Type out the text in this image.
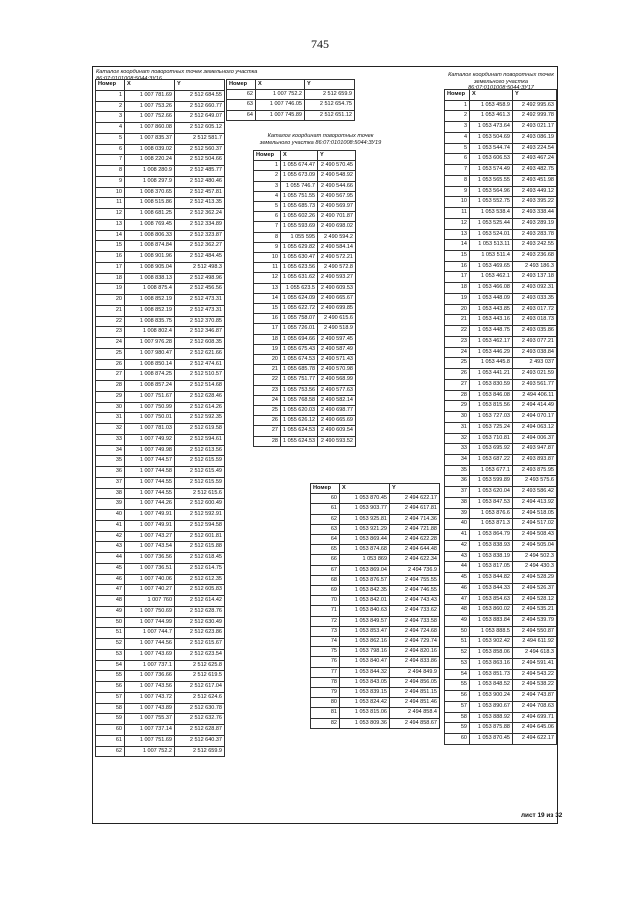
745
Каталог координат поворотных точек земельного участка 86:07:0101008:5044:ЗУ16
Каталог координат поворотных точек земельного участка 86:07:0101008:5044:ЗУ19
Каталог координат поворотных точек земельного участка 86:07:0101008:5044:ЗУ17
Номер	X	Y
1	1 007 781.69	2 512 684.55
2	1 007 753.26	2 512 660.77
3	1 007 752.66	2 512 649.07
4	1 007 860.08	2 512 605.12
5	1 007 835.37	2 512 581.7
6	1 008 039.02	2 512 560.37
7	1 008 220.24	2 512 504.66
8	1 008 280.9	2 512 485.77
9	1 008 297.9	2 512 480.46
10	1 008 370.65	2 512 457.81
11	1 008 515.86	2 512 413.35
12	1 008 681.25	2 512 362.24
13	1 008 769.45	2 512 334.89
14	1 008 806.33	2 512 323.87
15	1 008 874.84	2 512 362.27
16	1 008 901.96	2 512 484.45
17	1 008 905.04	2 512 498.3
18	1 008 838.13	2 512 498.96
19	1 008 875.4	2 512 456.56
20	1 008 852.19	2 512 473.31
21	1 008 852.19	2 512 473.31
22	1 008 835.75	2 512 370.85
23	1 008 802.4	2 512 346.87
24	1 007 976.28	2 512 608.35
25	1 007 980.47	2 512 621.66
26	1 008 850.14	2 512 474.61
27	1 008 874.25	2 512 510.57
28	1 008 857.24	2 512 514.68
29	1 007 751.67	2 512 628.46
30	1 007 750.99	2 512 614.26
31	1 007 750.01	2 512 592.35
32	1 007 781.03	2 512 619.58
33	1 007 749.92	2 512 594.61
34	1 007 749.98	2 512 613.56
35	1 007 744.57	2 512 615.59
36	1 007 744.58	2 512 615.49
37	1 007 744.55	2 512 615.59
38	1 007 744.55	2 512 615.6
39	1 007 744.26	2 512 600.49
40	1 007 749.91	2 512 592.91
41	1 007 749.91	2 512 594.58
42	1 007 743.27	2 512 601.81
43	1 007 743.54	2 512 615.88
44	1 007 736.56	2 512 618.45
45	1 007 736.51	2 512 614.75
46	1 007 740.06	2 512 612.35
47	1 007 740.27	2 512 605.83
48	1 007 760	2 512 614.42
49	1 007 750.69	2 512 628.76
50	1 007 744.99	2 512 630.49
51	1 007 744.7	2 512 623.86
52	1 007 744.56	2 512 615.67
53	1 007 743.69	2 512 623.54
54	1 007 737.1	2 512 625.8
55	1 007 736.66	2 512 619.5
56	1 007 743.56	2 512 617.04
57	1 007 743.72	2 512 624.6
58	1 007 743.89	2 512 630.78
59	1 007 755.37	2 512 632.76
60	1 007 737.14	2 512 628.87
61	1 007 751.69	2 512 640.37
62	1 007 752.2	2 512 659.9
Номер	X	Y
62	1 007 752.2	2 512 659.9
63	1 007 746.05	2 512 654.75
64	1 007 745.89	2 512 651.12
Номер	X	Y
1	1 055 674.47	2 490 570.45
2	1 055 673.09	2 490 548.92
3	1 055 746.7	2 490 544.66
4	1 055 751.55	2 490 567.95
5	1 055 685.73	2 490 569.97
6	1 055 602.26	2 490 701.87
7	1 055 593.69	2 490 698.02
8	1 055 595	2 490 594.2
9	1 055 629.82	2 490 584.14
10	1 055 630.47	2 490 572.21
11	1 055 623.56	2 490 572.8
12	1 055 631.62	2 490 593.27
13	1 055 623.5	2 490 609.53
14	1 055 624.09	2 490 665.67
15	1 055 622.72	2 490 699.85
16	1 055 758.07	2 490 615.6
17	1 055 726.01	2 490 518.9
18	1 055 694.66	2 490 597.45
19	1 055 675.43	2 490 587.49
20	1 055 674.53	2 490 571.43
21	1 055 685.78	2 490 570.98
22	1 055 751.77	2 490 568.99
23	1 055 753.56	2 490 577.63
24	1 055 768.58	2 490 582.14
25	1 055 620.03	2 490 698.77
26	1 055 626.12	2 490 665.69
27	1 055 624.53	2 490 609.54
28	1 055 624.53	2 490 593.52
Номер	X	Y
60	1 053 870.45	2 494 622.17
61	1 053 903.77	2 494 617.81
62	1 053 925.81	2 494 714.36
63	1 053 921.29	2 494 721.88
64	1 053 869.44	2 494 622.28
65	1 053 874.68	2 494 644.48
66	1 053 869	2 494 622.34
67	1 053 869.04	2 494 736.9
68	1 053 876.57	2 494 755.55
69	1 053 842.35	2 494 746.55
70	1 053 842.01	2 494 743.43
71	1 053 840.63	2 494 733.62
72	1 053 849.57	2 494 733.58
73	1 053 853.47	2 494 724.68
74	1 053 862.16	2 494 729.74
75	1 053 798.16	2 494 820.16
76	1 053 840.47	2 494 833.86
77	1 053 844.32	2 494 849.9
78	1 053 843.05	2 494 856.05
79	1 053 839.15	2 494 851.15
80	1 053 824.42	2 494 851.46
81	1 053 815.06	2 494 858.4
82	1 053 809.36	2 494 858.67
Номер	X	Y
1	1 053 458.9	2 492 995.63
2	1 053 461.3	2 492 999.78
3	1 053 473.64	2 493 021.17
4	1 053 504.69	2 493 086.19
5	1 053 544.74	2 493 224.54
6	1 053 606.53	2 493 467.24
7	1 053 574.49	2 493 482.75
8	1 053 565.55	2 493 451.98
9	1 053 564.96	2 493 449.12
10	1 053 552.75	2 493 395.22
11	1 053 538.4	2 493 338.44
12	1 053 525.44	2 493 289.19
13	1 053 524.01	2 493 283.78
14	1 053 513.11	2 493 242.55
15	1 053 511.4	2 493 236.68
16	1 053 469.65	2 493 186.3
17	1 053 462.1	2 493 137.18
18	1 053 466.08	2 493 092.31
19	1 053 448.09	2 493 033.35
20	1 053 443.85	2 493 017.72
21	1 053 443.16	2 493 018.73
22	1 053 448.75	2 493 035.86
23	1 053 462.17	2 493 077.21
24	1 053 446.29	2 493 038.84
25	1 053 445.8	2 493 037
26	1 053 441.21	2 493 021.59
27	1 053 830.59	2 493 561.77
28	1 053 846.08	2 494 406.11
29	1 053 815.56	2 494 414.49
30	1 053 727.03	2 494 070.17
31	1 053 725.24	2 494 063.12
32	1 053 710.81	2 494 006.37
33	1 053 695.92	2 493 947.87
34	1 053 687.22	2 493 893.87
35	1 053 677.1	2 493 875.95
36	1 053 599.89	2 493 575.6
37	1 053 620.04	2 493 586.42
38	1 053 847.53	2 494 413.92
39	1 053 876.6	2 494 518.05
40	1 053 871.3	2 494 517.02
41	1 053 864.79	2 494 508.43
42	1 053 838.93	2 494 505.04
43	1 053 838.19	2 494 502.3
44	1 053 817.05	2 494 430.3
45	1 053 844.82	2 494 528.29
46	1 053 844.33	2 494 526.37
47	1 053 854.63	2 494 528.12
48	1 053 860.02	2 494 535.21
49	1 053 883.84	2 494 539.79
50	1 053 888.5	2 494 550.87
51	1 053 902.42	2 494 611.92
52	1 053 858.06	2 494 618.3
53	1 053 863.16	2 494 591.41
54	1 053 851.73	2 494 543.22
55	1 053 848.52	2 494 538.22
56	1 053 900.24	2 494 743.87
57	1 053 890.67	2 494 708.63
58	1 053 888.92	2 494 699.71
59	1 053 875.88	2 494 645.06
60	1 053 870.45	2 494 622.17
лист 19 из 32
